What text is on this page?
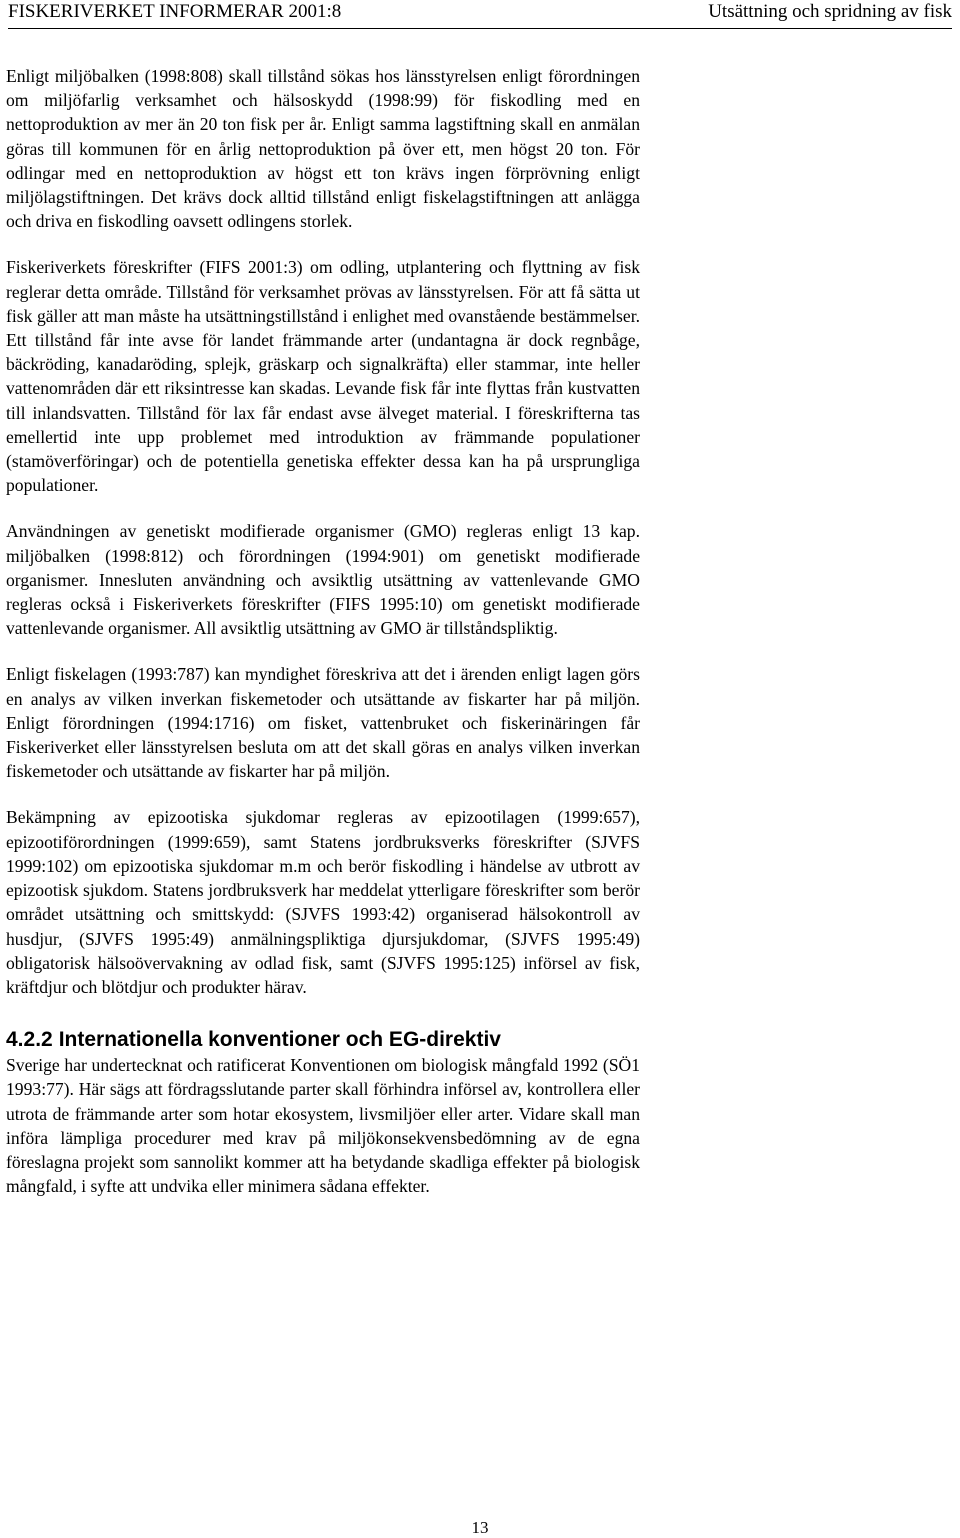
FISKERIVERKET INFORMERAR 2001:8	Utsättning och spridning av fisk

Enligt miljöbalken (1998:808) skall tillstånd sökas hos länsstyrelsen enligt förordningen om miljöfarlig verksamhet och hälsoskydd (1998:99) för fiskodling med en nettoproduktion av mer än 20 ton fisk per år. Enligt samma lagstiftning skall en anmälan göras till kommunen för en årlig nettoproduktion på över ett, men högst 20 ton. För odlingar med en nettoproduktion av högst ett ton krävs ingen förprövning enligt miljölagstiftningen. Det krävs dock alltid tillstånd enligt fiskelagstiftningen att anlägga och driva en fiskodling oavsett odlingens storlek.

Fiskeriverkets föreskrifter (FIFS 2001:3) om odling, utplantering och flyttning av fisk reglerar detta område. Tillstånd för verksamhet prövas av länsstyrelsen. För att få sätta ut fisk gäller att man måste ha utsättningstillstånd i enlighet med ovanstående bestämmelser. Ett tillstånd får inte avse för landet främmande arter (undantagna är dock regnbåge, bäckröding, kanadaröding, splejk, gräskarp och signalkräfta) eller stammar, inte heller vattenområden där ett riksintresse kan skadas. Levande fisk får inte flyttas från kustvatten till inlandsvatten. Tillstånd för lax får endast avse älveget material. I föreskrifterna tas emellertid inte upp problemet med introduktion av främmande populationer (stamöverföringar) och de potentiella genetiska effekter dessa kan ha på ursprungliga populationer.

Användningen av genetiskt modifierade organismer (GMO) regleras enligt 13 kap. miljöbalken (1998:812) och förordningen (1994:901) om genetiskt modifierade organismer. Innesluten användning och avsiktlig utsättning av vattenlevande GMO regleras också i Fiskeriverkets föreskrifter (FIFS 1995:10) om genetiskt modifierade vattenlevande organismer. All avsiktlig utsättning av GMO är tillståndspliktig.

Enligt fiskelagen (1993:787) kan myndighet föreskriva att det i ärenden enligt lagen görs en analys av vilken inverkan fiskemetoder och utsättande av fiskarter har på miljön. Enligt förordningen (1994:1716) om fisket, vattenbruket och fiskerinäringen får Fiskeriverket eller länsstyrelsen besluta om att det skall göras en analys vilken inverkan fiskemetoder och utsättande av fiskarter har på miljön.

Bekämpning av epizootiska sjukdomar regleras av epizootilagen (1999:657), epizootiförordningen (1999:659), samt Statens jordbruksverks föreskrifter (SJVFS 1999:102) om epizootiska sjukdomar m.m och berör fiskodling i händelse av utbrott av epizootisk sjukdom. Statens jordbruksverk har meddelat ytterligare föreskrifter som berör området utsättning och smittskydd: (SJVFS 1993:42) organiserad hälsokontroll av husdjur, (SJVFS 1995:49) anmälningspliktiga djursjukdomar, (SJVFS 1995:49) obligatorisk hälsoövervakning av odlad fisk, samt (SJVFS 1995:125) införsel av fisk, kräftdjur och blötdjur och produkter härav.

4.2.2 Internationella konventioner och EG-direktiv

Sverige har undertecknat och ratificerat Konventionen om biologisk mångfald 1992 (SÖ1 1993:77). Här sägs att fördragsslutande parter skall förhindra införsel av, kontrollera eller utrota de främmande arter som hotar ekosystem, livsmiljöer eller arter. Vidare skall man införa lämpliga procedurer med krav på miljökonsekvensbedömning av de egna föreslagna projekt som sannolikt kommer att ha betydande skadliga effekter på biologisk mångfald, i syfte att undvika eller minimera sådana effekter.

13
